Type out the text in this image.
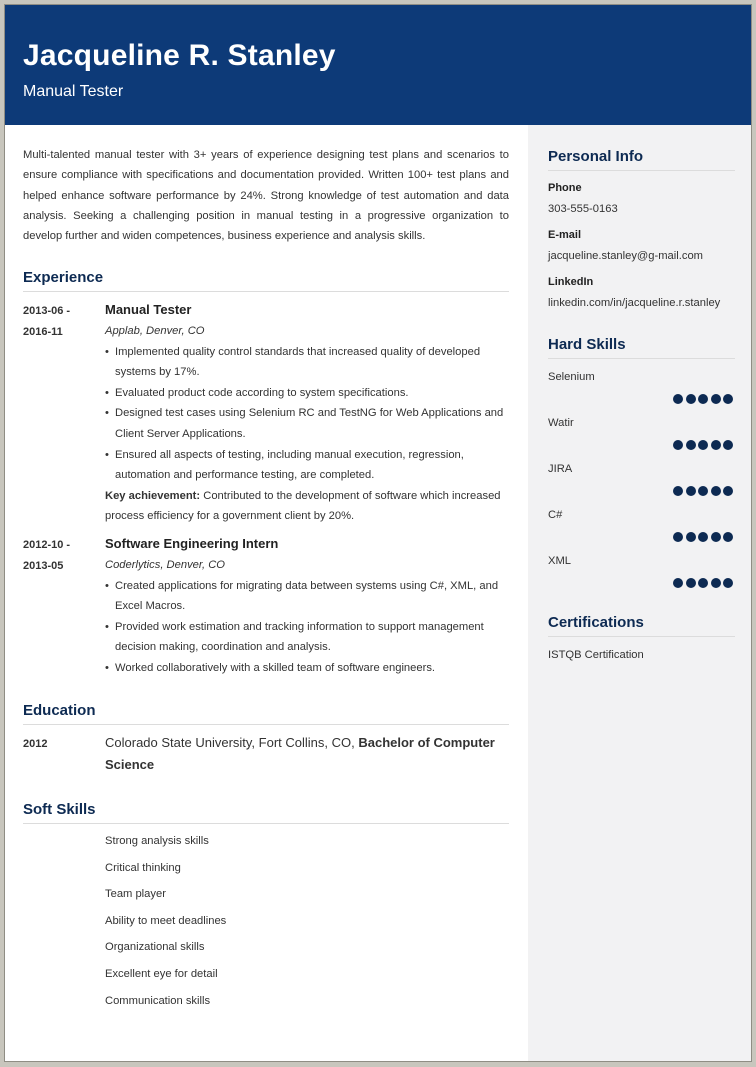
Jacqueline R. Stanley
Manual Tester
Multi-talented manual tester with 3+ years of experience designing test plans and scenarios to ensure compliance with specifications and documentation provided. Written 100+ test plans and helped enhance software performance by 24%. Strong knowledge of test automation and data analysis. Seeking a challenging position in manual testing in a progressive organization to develop further and widen competences, business experience and analysis skills.
Experience
2013-06 -
2016-11
Manual Tester
Applab, Denver, CO
• Implemented quality control standards that increased quality of developed systems by 17%.
• Evaluated product code according to system specifications.
• Designed test cases using Selenium RC and TestNG for Web Applications and Client Server Applications.
• Ensured all aspects of testing, including manual execution, regression, automation and performance testing, are completed.
Key achievement: Contributed to the development of software which increased process efficiency for a government client by 20%.
2012-10 -
2013-05
Software Engineering Intern
Coderlytics, Denver, CO
• Created applications for migrating data between systems using C#, XML, and Excel Macros.
• Provided work estimation and tracking information to support management decision making, coordination and analysis.
• Worked collaboratively with a skilled team of software engineers.
Education
2012	Colorado State University, Fort Collins, CO, Bachelor of Computer Science
Soft Skills
Strong analysis skills
Critical thinking
Team player
Ability to meet deadlines
Organizational skills
Excellent eye for detail
Communication skills
Personal Info
Phone
303-555-0163
E-mail
jacqueline.stanley@g-mail.com
LinkedIn
linkedin.com/in/jacqueline.r.stanley
Hard Skills
Selenium
Watir
JIRA
C#
XML
Certifications
ISTQB Certification
